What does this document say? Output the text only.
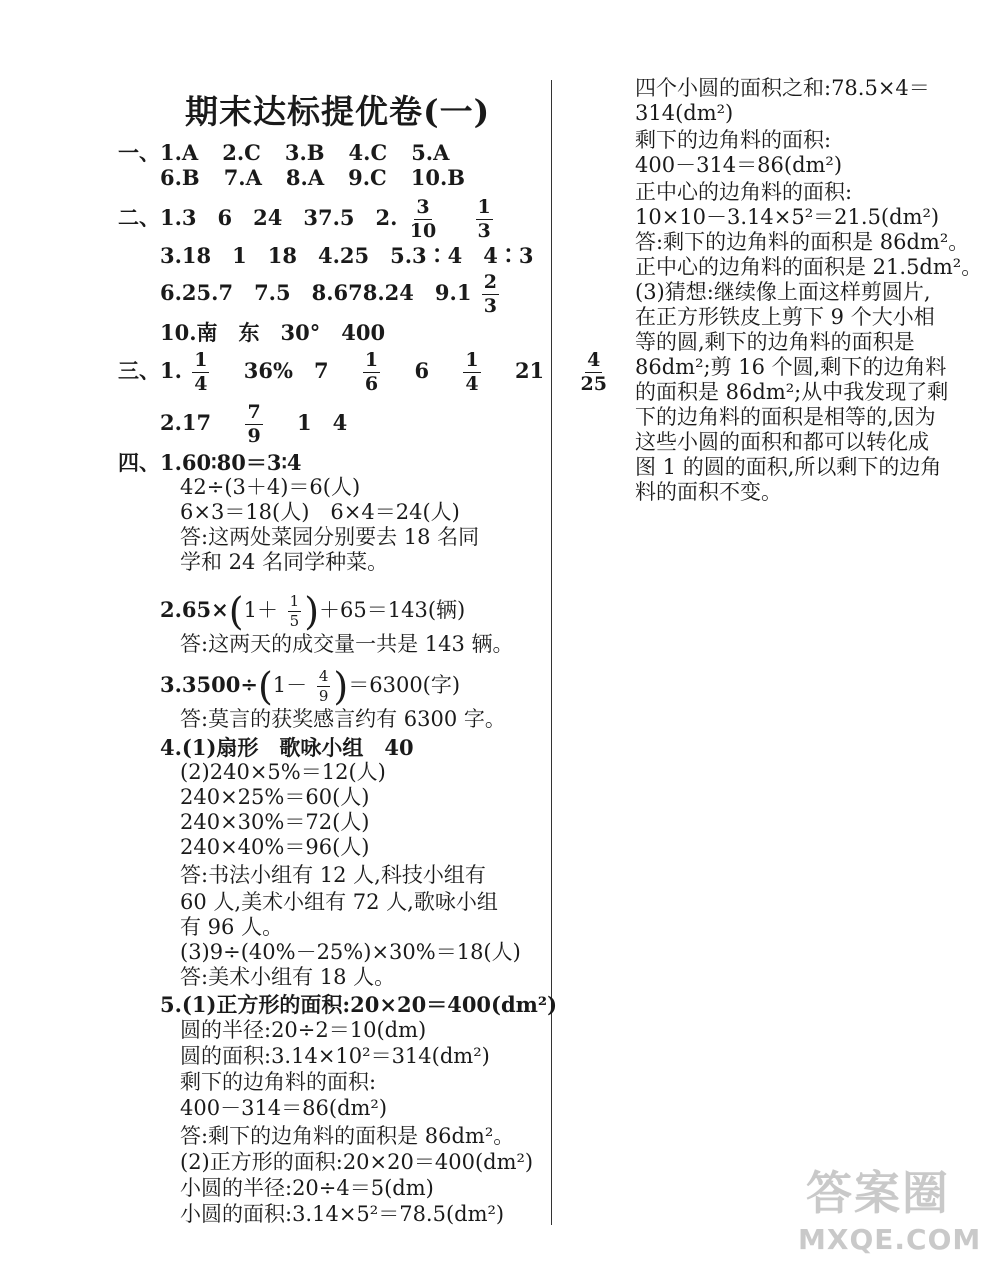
期末达标提优卷(一)
一、1.A 2.C 3.B 4.C 5.A
6.B 7.A 8.A 9.C 10.B
二、1.3　6　24　37.5　2. $\frac{3}{10}$
$\frac{1}{3}$
3.18　1　18　4.25　5.3∶4　4∶3
6.25.7　7.5　8.678.24　$9.1 \frac{2}{3}$
10.南　东　30°　400
三、1. $\frac{1}{4} 36\%$　$7 \frac{1}{6} 6 \frac{1}{4} 21 \frac{4}{25}$
$2.17 \frac{7}{9} 1$　4
四、 1.60∶80＝3∶4
42÷(3＋4)＝6(人)
6×3＝18(人)　6×4＝24(人)
答:这两处菜园分别要去 18 名同
学和 24 名同学种菜。
$2.65\times(1+ \frac{1}{5} )+65=143$(辆)
答:这两天的成交量一共是 143 辆。
$3.3500\div(1- \frac{4}{9} )=6300$(字)
答:莫言的获奖感言约有 6300 字。
4.(1)扇形　歌咏小组　40
(2)240×5%＝12(人)
240×25%＝60(人)
240×30%＝72(人)
240×40%＝96(人)
答:书法小组有 12 人,科技小组有
60 人,美术小组有 72 人,歌咏小组
有 96 人。
(3)9÷(40%－25%)×30%＝18(人)
答:美术小组有 18 人。
5.(1)正方形的面积:20×20＝400(dm²)
圆的半径:20÷2＝10(dm)
圆的面积:3.14×10²＝314(dm²)
剩下的边角料的面积:
400－314＝86(dm²)
答:剩下的边角料的面积是 86dm²。
(2)正方形的面积:20×20＝400(dm²)
小圆的半径:20÷4＝5(dm)
小圆的面积:3.14×5²＝78.5(dm²)
四个小圆的面积之和:78.5×4＝
314(dm²)
剩下的边角料的面积:
400－314＝86(dm²)
正中心的边角料的面积:
10×10－3.14×5²＝21.5(dm²)
答:剩下的边角料的面积是 86dm²。
正中心的边角料的面积是 21.5dm²。
(3)猜想:继续像上面这样剪圆片,
在正方形铁皮上剪下 9 个大小相
等的圆,剩下的边角料的面积是
86dm²;剪 16 个圆,剩下的边角料
的面积是 86dm²;从中我发现了剩
下的边角料的面积是相等的,因为
这些小圆的面积和都可以转化成
图 1 的圆的面积,所以剩下的边角
料的面积不变。
答案圈
MXQE.COM
